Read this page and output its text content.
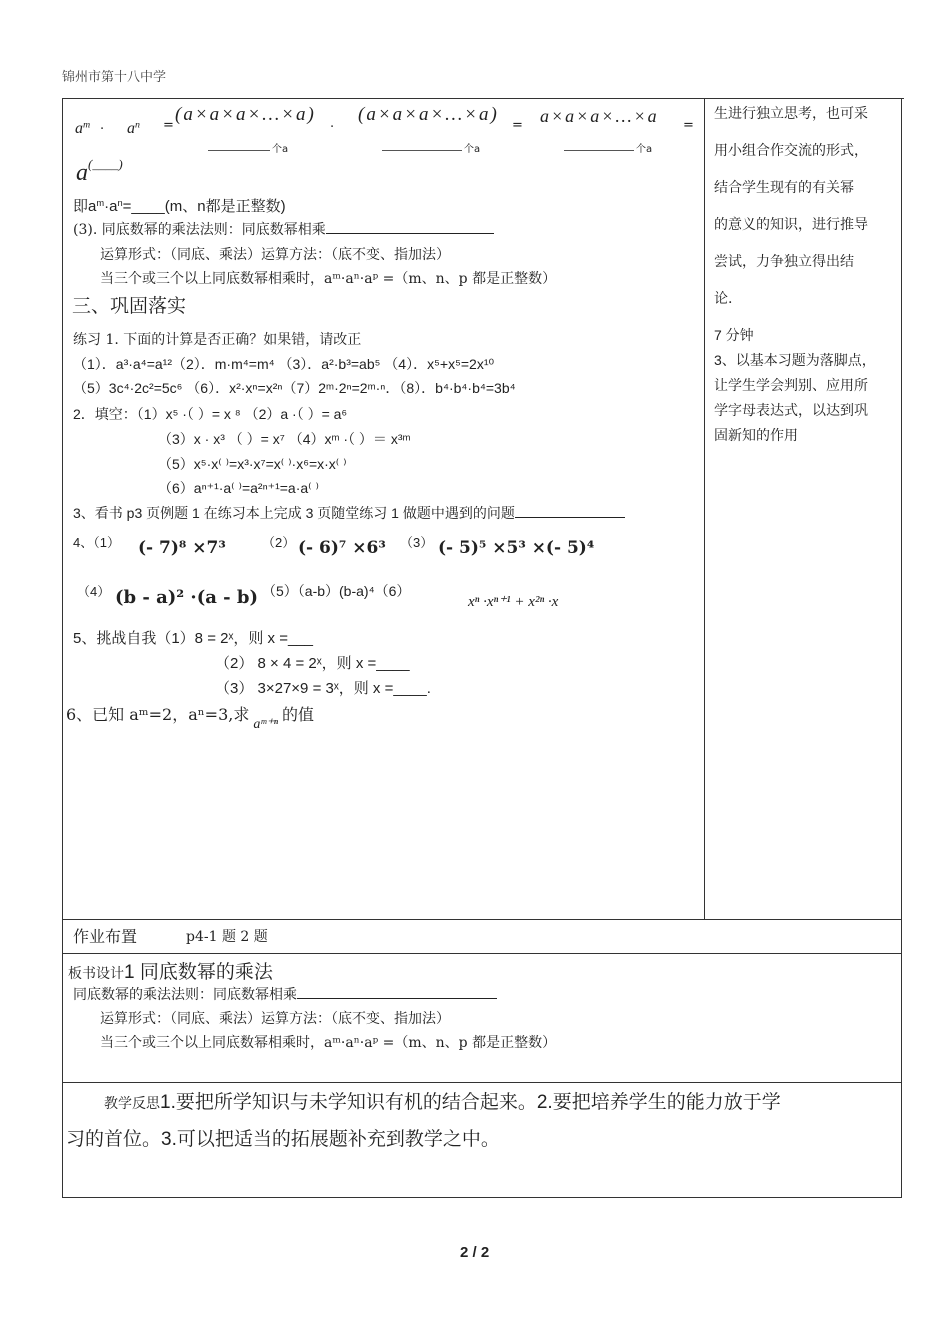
锦州市第十八中学
$a^m \cdot a^n$ =
(a×a×a×…×a)
个a
·
(a×a×a×…×a)
个a
= a×a×a×…×a
个a
=
a(____)
即$a^m\cdot a^n=\_\_\_\_(m$、n都是正整数)
(3). 同底数幂的乘法法则：同底数幂相乘
运算形式：（同底、乘法）运算方法：（底不变、指加法）
当三个或三个以上同底数幂相乘时，aᵐ·aⁿ·aᵖ =（m、n、p 都是正整数）
三、巩固落实
练习 1. 下面的计算是否正确？如果错，请改正
（1）．a³·a⁴=a¹²（2）．m·m⁴=m⁴ （3）．a²·b³=ab⁵ （4）．x⁵+x⁵=2x¹⁰
（5）3c⁴·2c²=5c⁶ （6）．x²·xⁿ=x²ⁿ（7）2ᵐ·2ⁿ=2ᵐ·ⁿ．（8）．b⁴·b⁴·b⁴=3b⁴
2．填空：（1）x⁵ ·（ ）= x ⁸ （2）a ·（ ）= a⁶
（3）x · x³ （ ）= x⁷ （4）xᵐ ·（ ）＝ x³ᵐ
（5）x⁵·x⁽ ⁾=x³·x⁷=x⁽ ⁾·x⁶=x·x⁽ ⁾
（6）aⁿ⁺¹·a⁽ ⁾=a²ⁿ⁺¹=a·a⁽ ⁾
3、看书 p3 页例题 1 在练习本上完成 3 页随堂练习 1 做题中遇到的问题
4、（1） (- 7)⁸ ×7³	（2） (- 6)⁷ ×6³ （3） (- 5)⁵ ×5³ ×(- 5)⁴
（4） (b - a)² ·(a - b) （5）（a-b）(b-a)⁴（6）
xⁿ ·xⁿ⁺¹ + x²ⁿ ·x
5、挑战自我（1）8 = 2ˣ，则 x =___
（2） 8 × 4 = 2ˣ，则 x =____
（3） 3×27×9 = 3ˣ，则 x =____.
6、已知 aᵐ=2，aⁿ=3,求aᵐ⁺ⁿ的值
生进行独立思考，也可采
用小组合作交流的形式，
结合学生现有的有关幂
的意义的知识，进行推导
尝试，力争独立得出结
论.
7 分钟
3、以基本习题为落脚点，
让学生学会判别、应用所
学字母表达式，以达到巩
固新知的作用
作业布置	p4-1 题 2 题
板书设计1 同底数幂的乘法
同底数幂的乘法法则：同底数幂相乘
运算形式：（同底、乘法）运算方法：（底不变、指加法）
当三个或三个以上同底数幂相乘时，aᵐ·aⁿ·aᵖ =（m、n、p 都是正整数）
教学反思1.要把所学知识与未学知识有机的结合起来。2.要把培养学生的能力放于学
习的首位。3.可以把适当的拓展题补充到教学之中。
2 / 2
